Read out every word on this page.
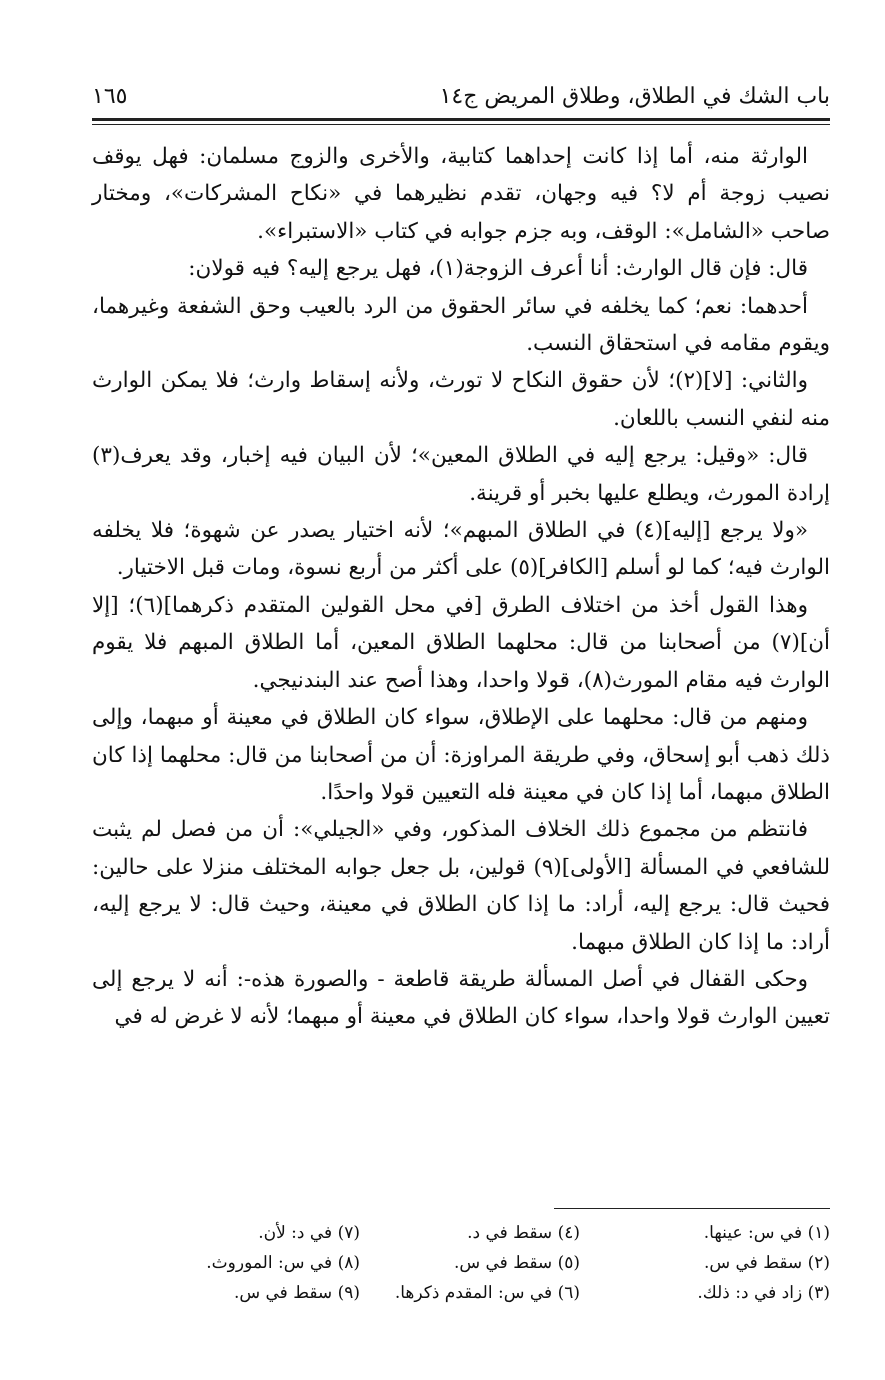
باب الشك في الطلاق، وطلاق المريض ج١٤
١٦٥

الوارثة منه، أما إذا كانت إحداهما كتابية، والأخرى والزوج مسلمان: فهل يوقف نصيب زوجة أم لا؟ فيه وجهان، تقدم نظيرهما في «نكاح المشركات»، ومختار صاحب «الشامل»: الوقف، وبه جزم جوابه في كتاب «الاستبراء».

قال: فإن قال الوارث: أنا أعرف الزوجة(١)، فهل يرجع إليه؟ فيه قولان:

أحدهما: نعم؛ كما يخلفه في سائر الحقوق من الرد بالعيب وحق الشفعة وغيرهما، ويقوم مقامه في استحقاق النسب.

والثاني: [لا](٢)؛ لأن حقوق النكاح لا تورث، ولأنه إسقاط وارث؛ فلا يمكن الوارث منه لنفي النسب باللعان.

قال: «وقيل: يرجع إليه في الطلاق المعين»؛ لأن البيان فيه إخبار، وقد يعرف(٣) إرادة المورث، ويطلع عليها بخبر أو قرينة.

«ولا يرجع [إليه](٤) في الطلاق المبهم»؛ لأنه اختيار يصدر عن شهوة؛ فلا يخلفه الوارث فيه؛ كما لو أسلم [الكافر](٥) على أكثر من أربع نسوة، ومات قبل الاختيار.

وهذا القول أخذ من اختلاف الطرق [في محل القولين المتقدم ذكرهما](٦)؛ [إلا أن](٧) من أصحابنا من قال: محلهما الطلاق المعين، أما الطلاق المبهم فلا يقوم الوارث فيه مقام المورث(٨)، قولا واحدا، وهذا أصح عند البندنيجي.

ومنهم من قال: محلهما على الإطلاق، سواء كان الطلاق في معينة أو مبهما، وإلى ذلك ذهب أبو إسحاق، وفي طريقة المراوزة: أن من أصحابنا من قال: محلهما إذا كان الطلاق مبهما، أما إذا كان في معينة فله التعيين قولا واحدًا.

فانتظم من مجموع ذلك الخلاف المذكور، وفي «الجيلي»: أن من فصل لم يثبت للشافعي في المسألة [الأولى](٩) قولين، بل جعل جوابه المختلف منزلا على حالين: فحيث قال: يرجع إليه، أراد: ما إذا كان الطلاق في معينة، وحيث قال: لا يرجع إليه، أراد: ما إذا كان الطلاق مبهما.

وحكى القفال في أصل المسألة طريقة قاطعة - والصورة هذه-: أنه لا يرجع إلى تعيين الوارث قولا واحدا، سواء كان الطلاق في معينة أو مبهما؛ لأنه لا غرض له في

(١) في س: عينها.
(٢) سقط في س.
(٣) زاد في د: ذلك.
(٤) سقط في د.
(٥) سقط في س.
(٦) في س: المقدم ذكرها.
(٧) في د: لأن.
(٨) في س: الموروث.
(٩) سقط في س.
